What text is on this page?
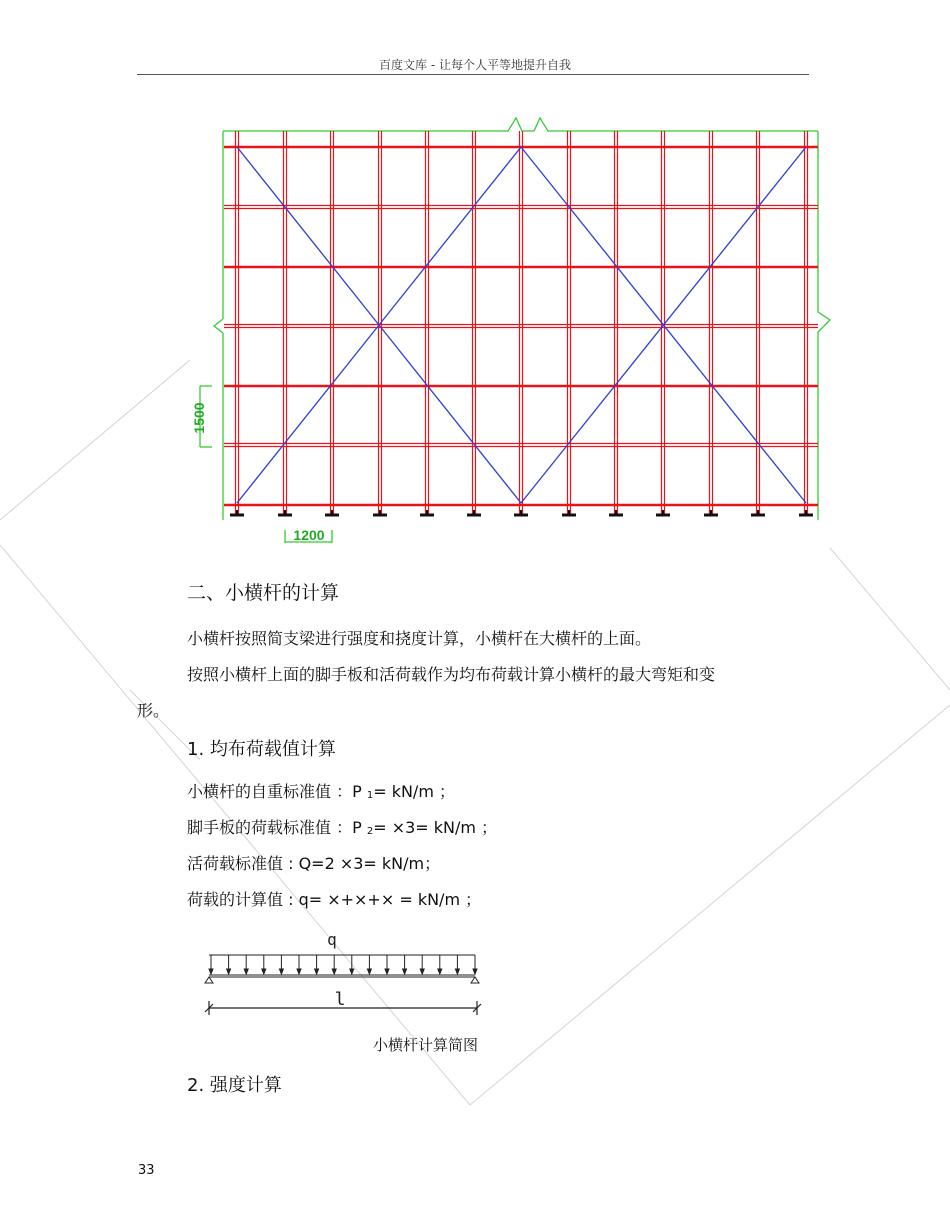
百度文库 - 让每个人平等地提升自我
1500
1200
二、小横杆的计算
小横杆按照简支梁进行强度和挠度计算，小横杆在大横杆的上面。
按照小横杆上面的脚手板和活荷载作为均布荷载计算小横杆的最大弯矩和变
形。
1. 均布荷载值计算
小横杆的自重标准值 ：P 1= kN/m ；
脚手板的荷载标准值 ：P 2= ×3= kN/m ；
活荷载标准值 : Q=2 ×3= kN/m；
荷载的计算值 : q= ×+×+× = kN/m ；
q
l
小横杆计算简图
2. 强度计算
33
